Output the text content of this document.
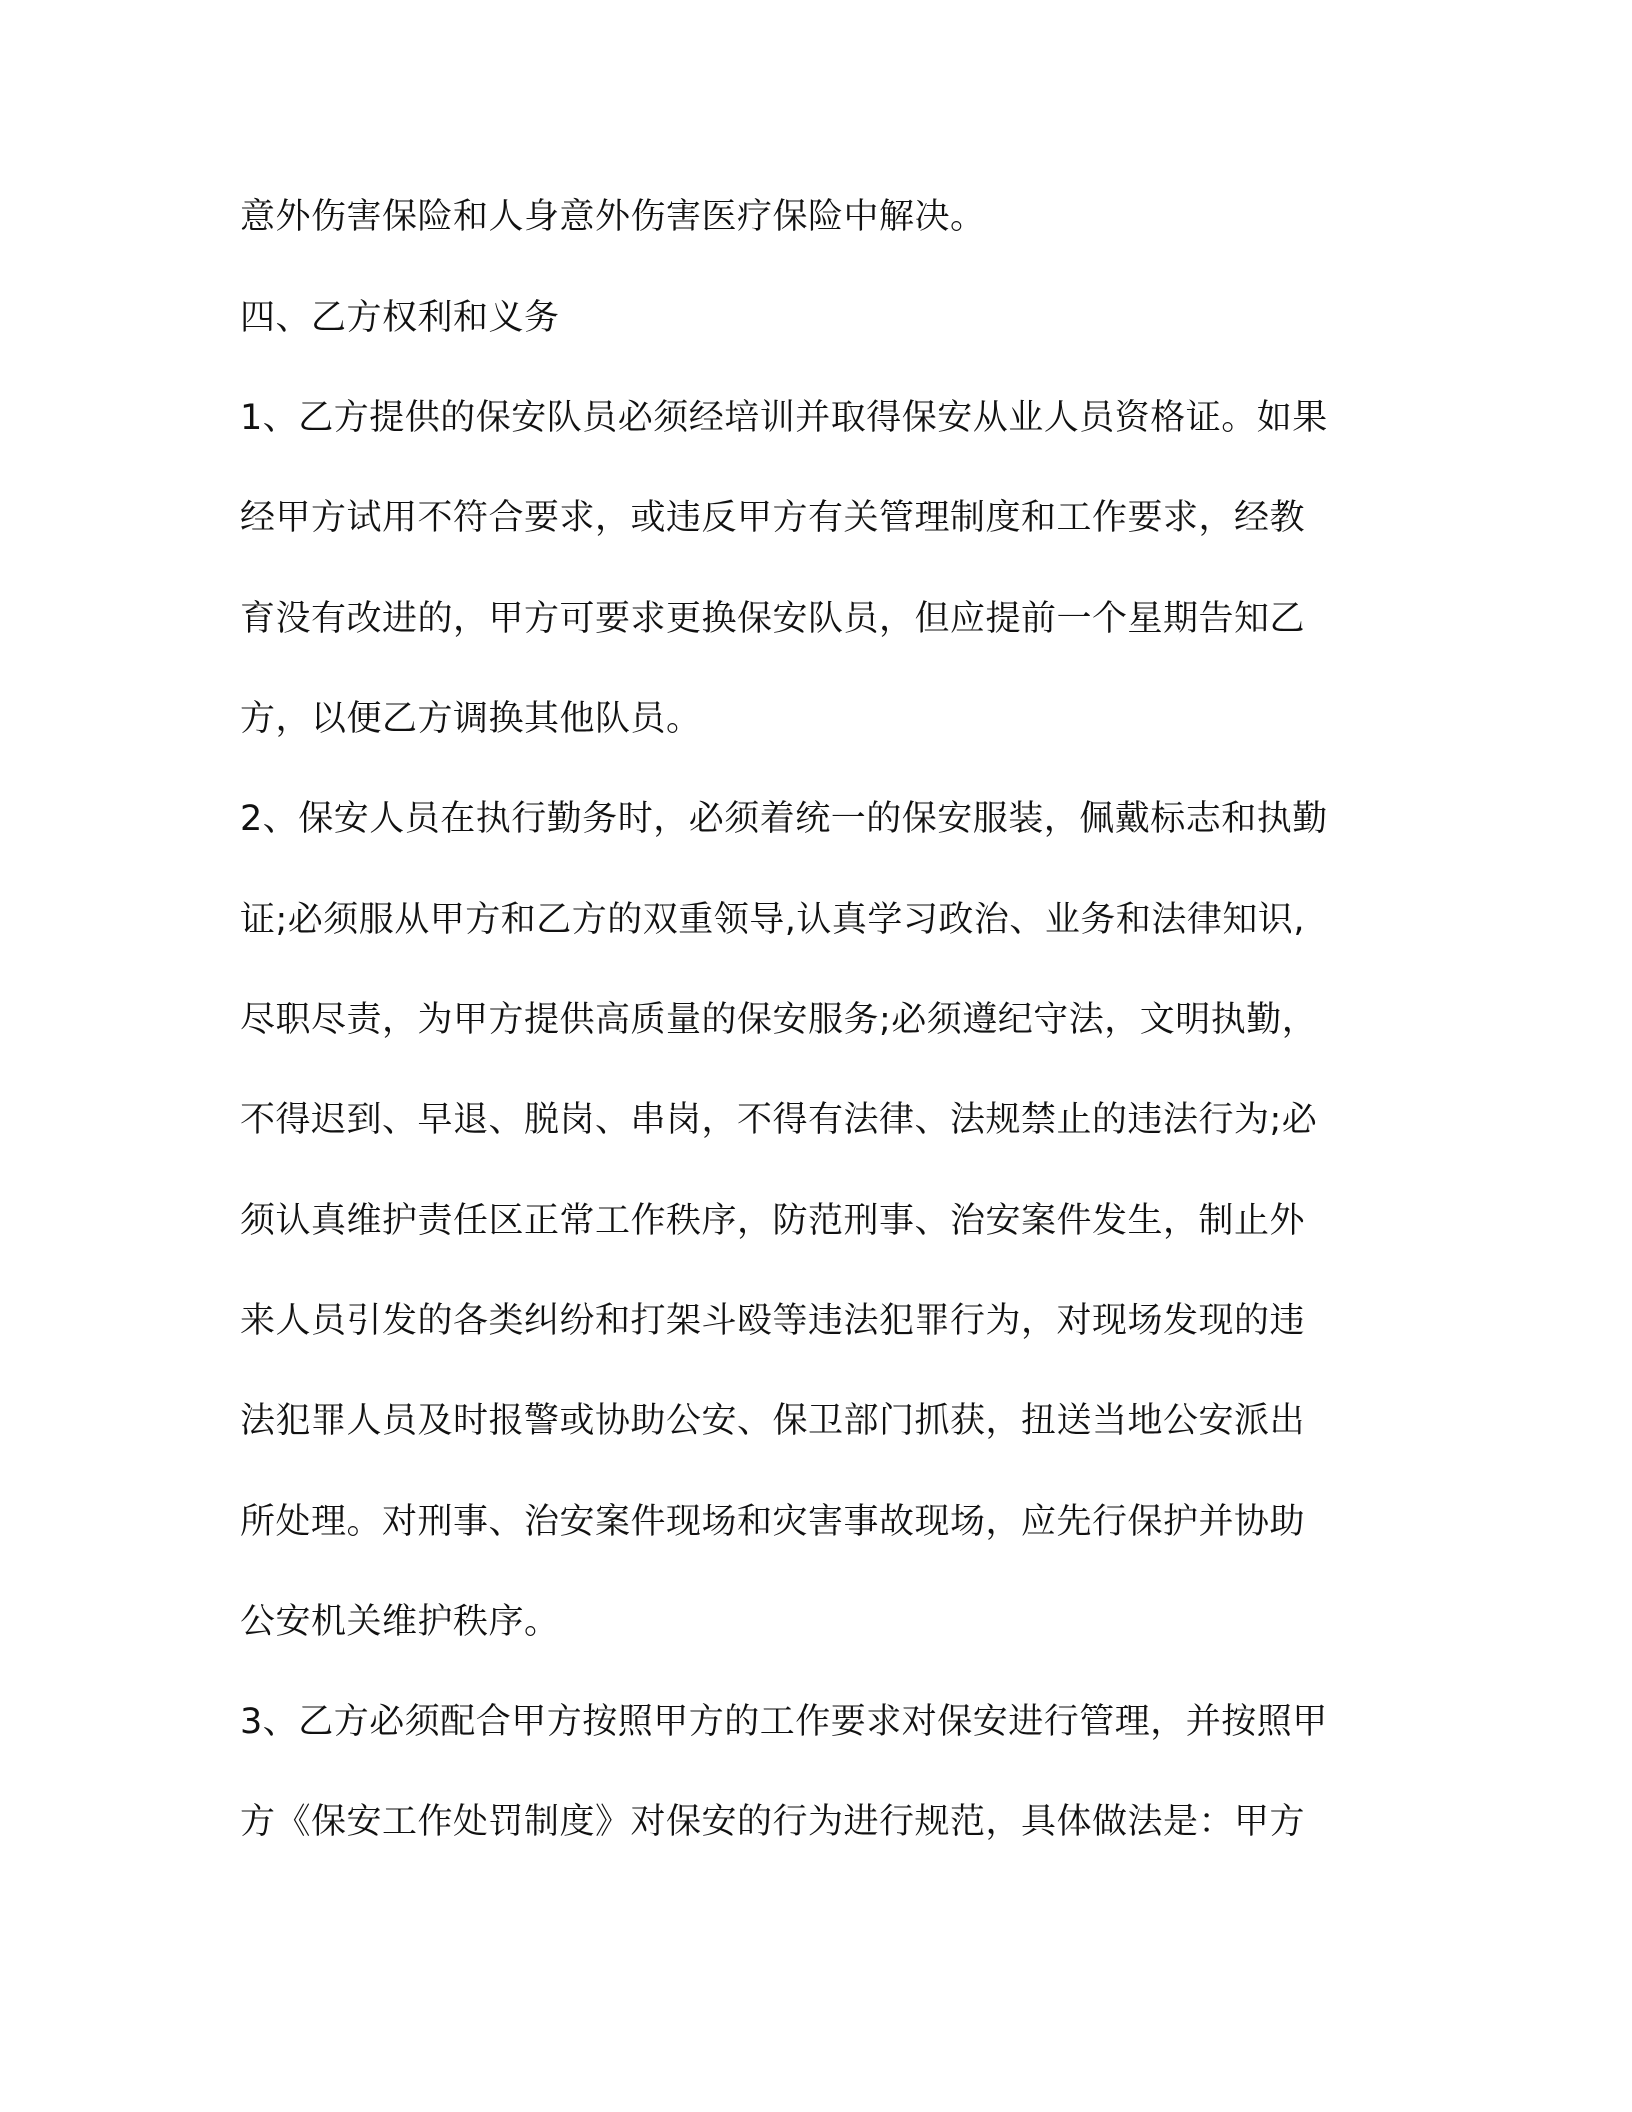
意外伤害保险和人身意外伤害医疗保险中解决。
四、乙方权利和义务
1、乙方提供的保安队员必须经培训并取得保安从业人员资格证。如果
经甲方试用不符合要求，或违反甲方有关管理制度和工作要求，经教
育没有改进的，甲方可要求更换保安队员，但应提前一个星期告知乙
方，以便乙方调换其他队员。
2、保安人员在执行勤务时，必须着统一的保安服装，佩戴标志和执勤
证;必须服从甲方和乙方的双重领导,认真学习政治、业务和法律知识,
尽职尽责，为甲方提供高质量的保安服务;必须遵纪守法，文明执勤，
不得迟到、早退、脱岗、串岗，不得有法律、法规禁止的违法行为;必
须认真维护责任区正常工作秩序，防范刑事、治安案件发生，制止外
来人员引发的各类纠纷和打架斗殴等违法犯罪行为，对现场发现的违
法犯罪人员及时报警或协助公安、保卫部门抓获，扭送当地公安派出
所处理。对刑事、治安案件现场和灾害事故现场，应先行保护并协助
公安机关维护秩序。
3、乙方必须配合甲方按照甲方的工作要求对保安进行管理，并按照甲
方《保安工作处罚制度》对保安的行为进行规范，具体做法是：甲方
